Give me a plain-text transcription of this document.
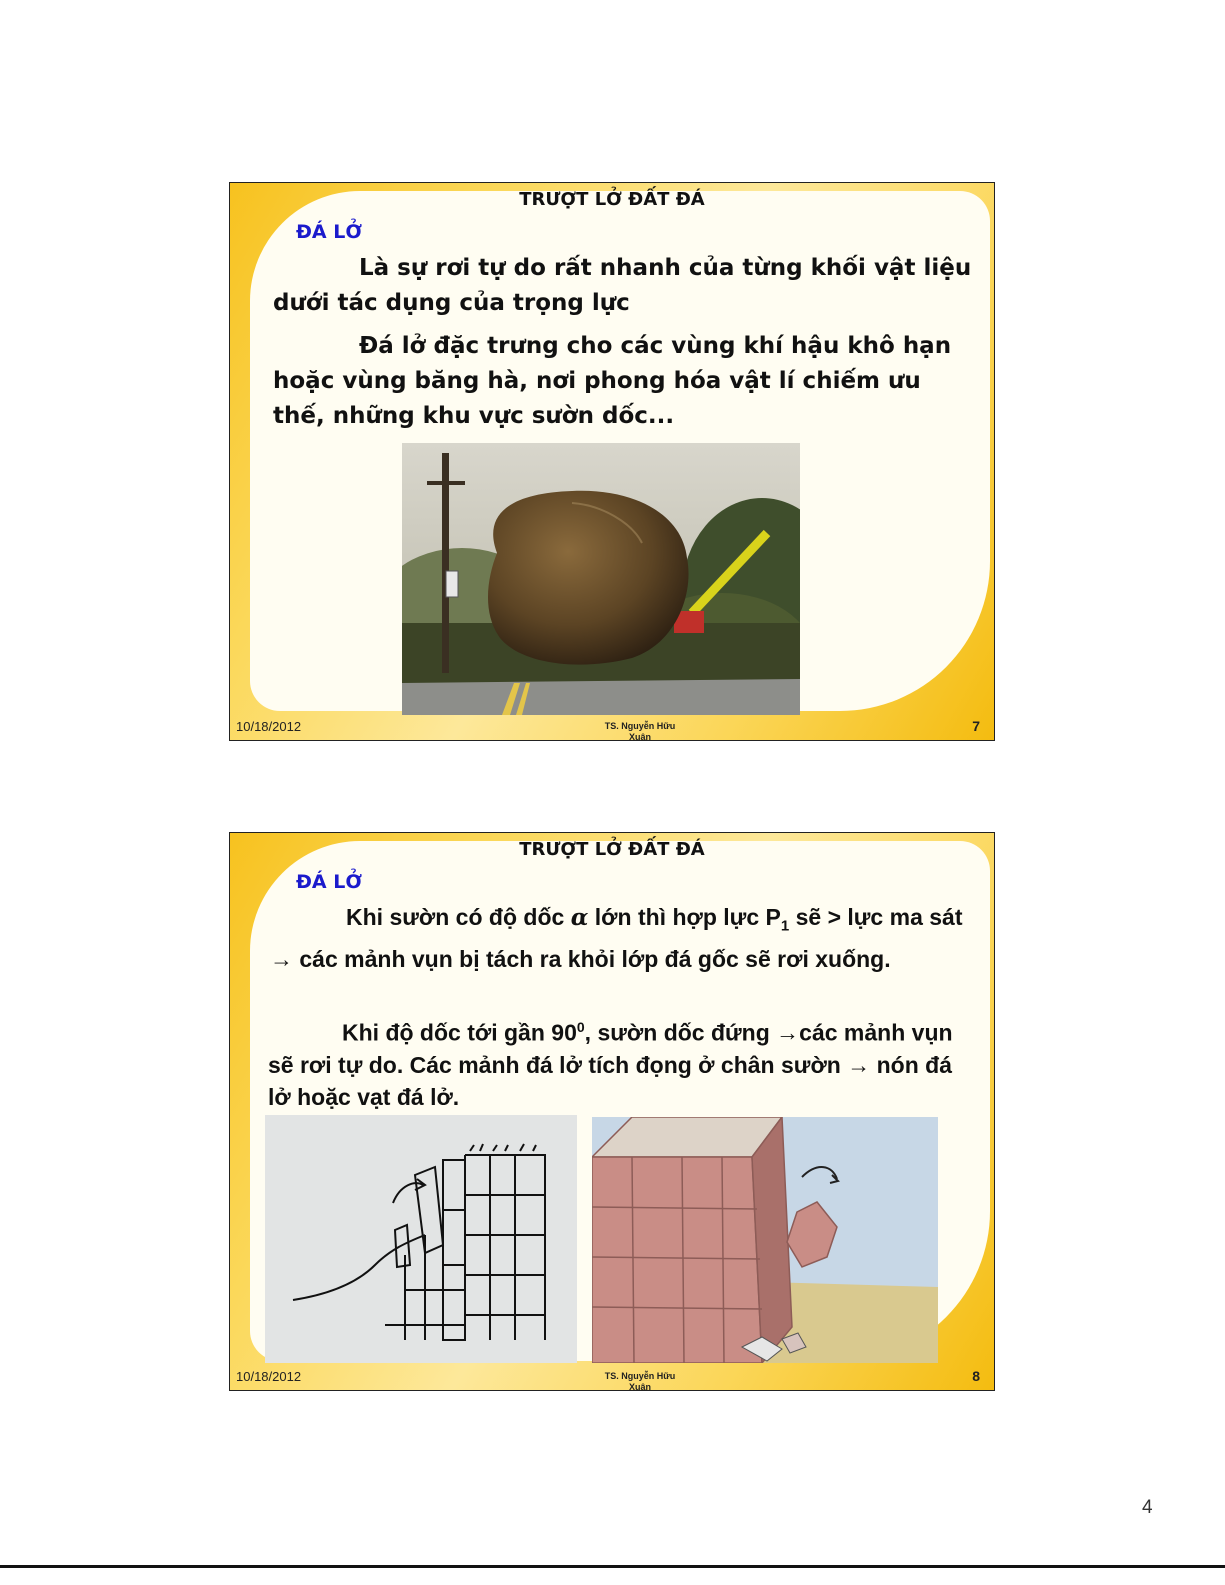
TRƯỢT LỞ ĐẤT ĐÁ
ĐÁ LỞ
Là sự rơi tự do rất nhanh của từng khối vật liệu dưới tác dụng của trọng lực
Đá lở đặc trưng cho các vùng khí hậu khô hạn hoặc vùng băng hà, nơi phong hóa vật lí chiếm ưu thế, những khu vực sườn dốc...
10/18/2012	TS. Nguyễn Hữu
Xuân
7
TRƯỢT LỞ ĐẤT ĐÁ
ĐÁ LỞ
Khi sườn có độ dốc α lớn thì hợp lực $P_1$ sẽ > lực ma sát → các mảnh vụn bị tách ra khỏi lớp đá gốc sẽ rơi xuống.
Khi độ dốc tới gần $90^0$, sườn dốc đứng →các mảnh vụn sẽ rơi tự do. Các mảnh đá lở tích đọng ở chân sườn → nón đá lở hoặc vạt đá lở.
10/18/2012	TS. Nguyễn Hữu
Xuân
8
4
